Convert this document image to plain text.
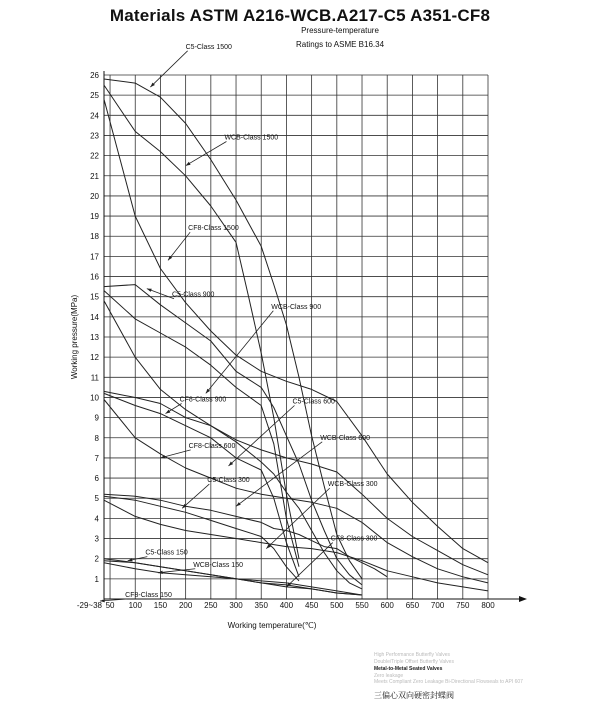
Materials ASTM A216-WCB.A217-C5 A351-CF8
Pressure-temperature
Ratings to ASME B16.34
1
2
3
4
5
6
7
8
9
10
11
12
13
14
15
16
17
18
19
20
21
22
23
24
25
26
-29~38 50 100 150 200 250 300 350 400 450 500 550 600 650 700 750 800
Working temperature(℃)
Working pressure(MPa)
C5-Class 1500
WCB-Class 1500
CF8-Class 1500
WCB-Class 900
C5-Class 900
CF8-Class 900	C5-Class 600
WCB-Class 600
CF8-Class 600
C5-Class 300
WCB-Class 300
CF8-Class 300
C5-Class 150
WCB-Class 150
CF8-Class 150
High Performance Butterfly Valves
Double/Triple Offset Butterfly Valves
Metal-to-Metal Seated Valves
Zero leakage
Meets Compliant Zero Leakage Bi-Directional Flowseals to API 607
三偏心双向硬密封蝶阀
